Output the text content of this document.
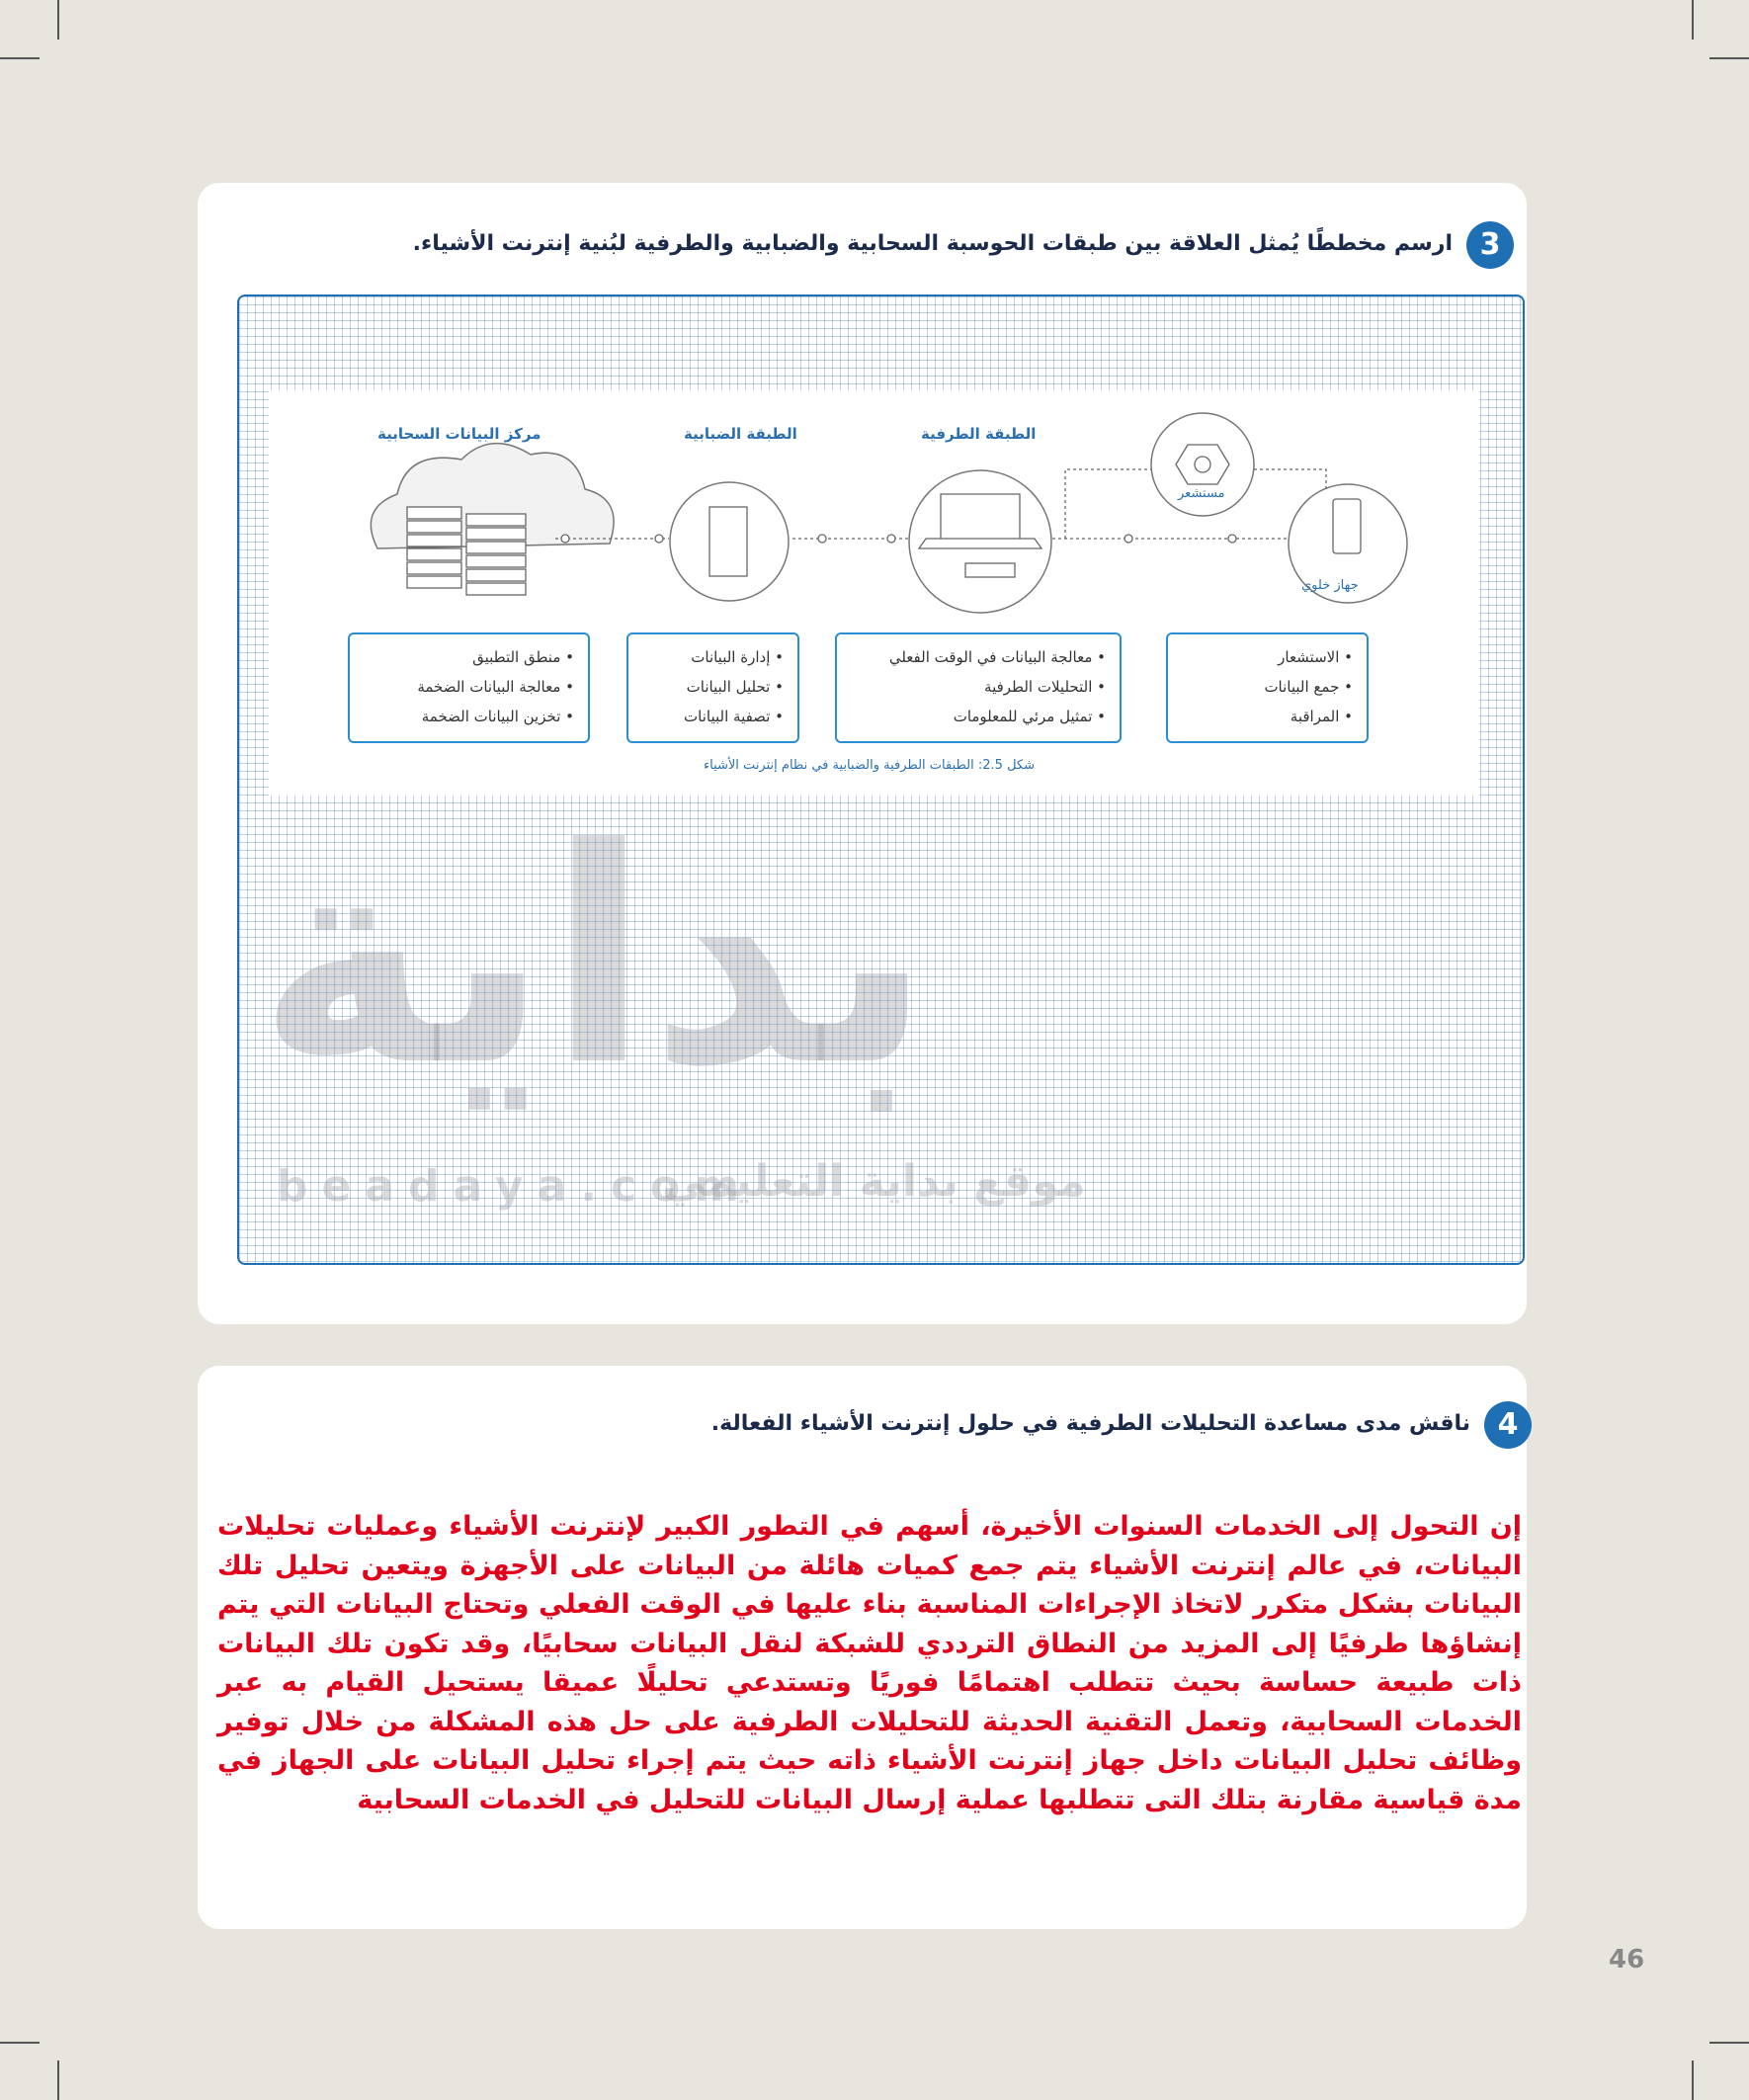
3
ارسم مخططًا يُمثل العلاقة بين طبقات الحوسبة السحابية والضبابية والطرفية لبُنية إنترنت الأشياء.
مركز البيانات السحابية	الطبقة الضبابية	الطبقة الطرفية
مستشعر
جهاز خلوي
• منطق التطبيق
• معالجة البيانات الضخمة
• تخزين البيانات الضخمة
• إدارة البيانات
• تحليل البيانات
• تصفية البيانات
• معالجة البيانات في الوقت الفعلي
• التحليلات الطرفية
• تمثيل مرئي للمعلومات
• الاستشعار
• جمع البيانات
• المراقبة
شكل 2.5: الطبقات الطرفية والضبابية في نظام إنترنت الأشياء
بداية
beadaya.com
موقع بداية التعليمي
4
ناقش مدى مساعدة التحليلات الطرفية في حلول إنترنت الأشياء الفعالة.
إن التحول إلى الخدمات السنوات الأخيرة، أسهم في التطور الكبير لإنترنت الأشياء وعمليات تحليلات البيانات، في عالم إنترنت الأشياء يتم جمع كميات هائلة من البيانات على الأجهزة ويتعين تحليل تلك البيانات بشكل متكرر لاتخاذ الإجراءات المناسبة بناء عليها في الوقت الفعلي وتحتاج البيانات التي يتم إنشاؤها طرفيًا إلى المزيد من النطاق الترددي للشبكة لنقل البيانات سحابيًا، وقد تكون تلك البيانات ذات طبيعة حساسة بحيث تتطلب اهتمامًا فوريًا وتستدعي تحليلًا عميقا يستحيل القيام به عبر الخدمات السحابية، وتعمل التقنية الحديثة للتحليلات الطرفية على حل هذه المشكلة من خلال توفير وظائف تحليل البيانات داخل جهاز إنترنت الأشياء ذاته حيث يتم إجراء تحليل البيانات على الجهاز في مدة قياسية مقارنة بتلك التى تتطلبها عملية إرسال البيانات للتحليل في الخدمات السحابية
46
